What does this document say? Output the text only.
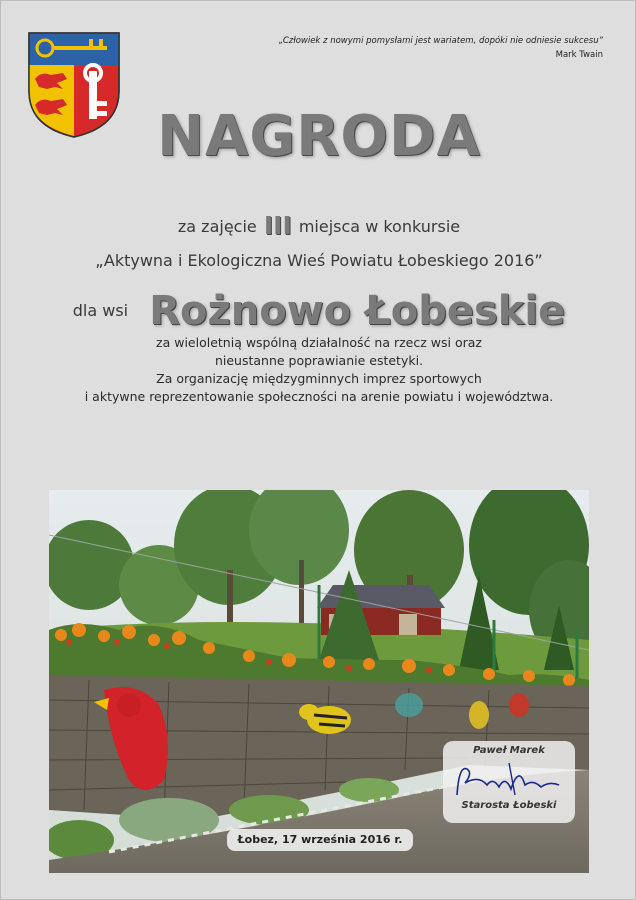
„Człowiek z nowymi pomysłami jest wariatem, dopóki nie odniesie sukcesu”
Mark Twain
NAGRODA
za zajęcie III miejsca w konkursie
„Aktywna i Ekologiczna Wieś Powiatu Łobeskiego 2016”
dla wsi Rożnowo Łobeskie
za wieloletnią wspólną działalność na rzecz wsi oraz
nieustanne poprawianie estetyki.
Za organizację międzygminnych imprez sportowych
i aktywne reprezentowanie społeczności na arenie powiatu i województwa.
Paweł Marek
Starosta Łobeski
Łobez, 17 września 2016 r.
